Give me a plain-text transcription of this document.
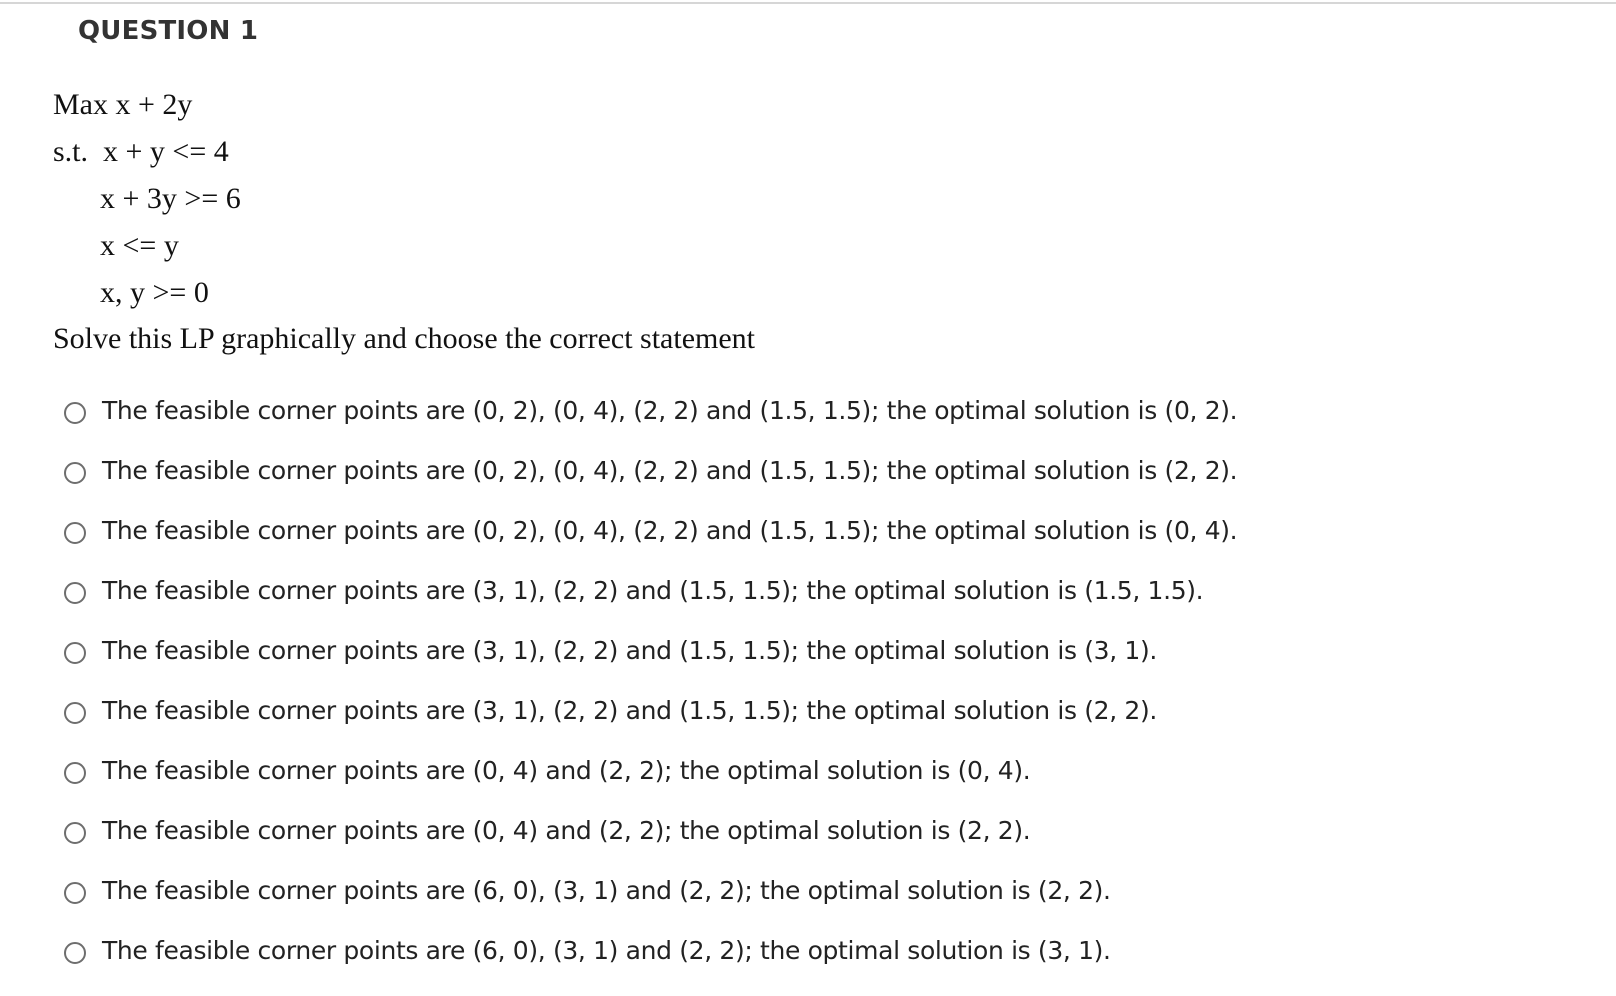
QUESTION 1
Max x + 2y
s.t.  x + y <= 4
x + 3y >= 6
x <= y
x, y >= 0
Solve this LP graphically and choose the correct statement
The feasible corner points are (0, 2), (0, 4), (2, 2) and (1.5, 1.5); the optimal solution is (0, 2).
The feasible corner points are (0, 2), (0, 4), (2, 2) and (1.5, 1.5); the optimal solution is (2, 2).
The feasible corner points are (0, 2), (0, 4), (2, 2) and (1.5, 1.5); the optimal solution is (0, 4).
The feasible corner points are (3, 1), (2, 2) and (1.5, 1.5); the optimal solution is (1.5, 1.5).
The feasible corner points are (3, 1), (2, 2) and (1.5, 1.5); the optimal solution is (3, 1).
The feasible corner points are (3, 1), (2, 2) and (1.5, 1.5); the optimal solution is (2, 2).
The feasible corner points are (0, 4) and (2, 2); the optimal solution is (0, 4).
The feasible corner points are (0, 4) and (2, 2); the optimal solution is (2, 2).
The feasible corner points are (6, 0), (3, 1) and (2, 2); the optimal solution is (2, 2).
The feasible corner points are (6, 0), (3, 1) and (2, 2); the optimal solution is (3, 1).
